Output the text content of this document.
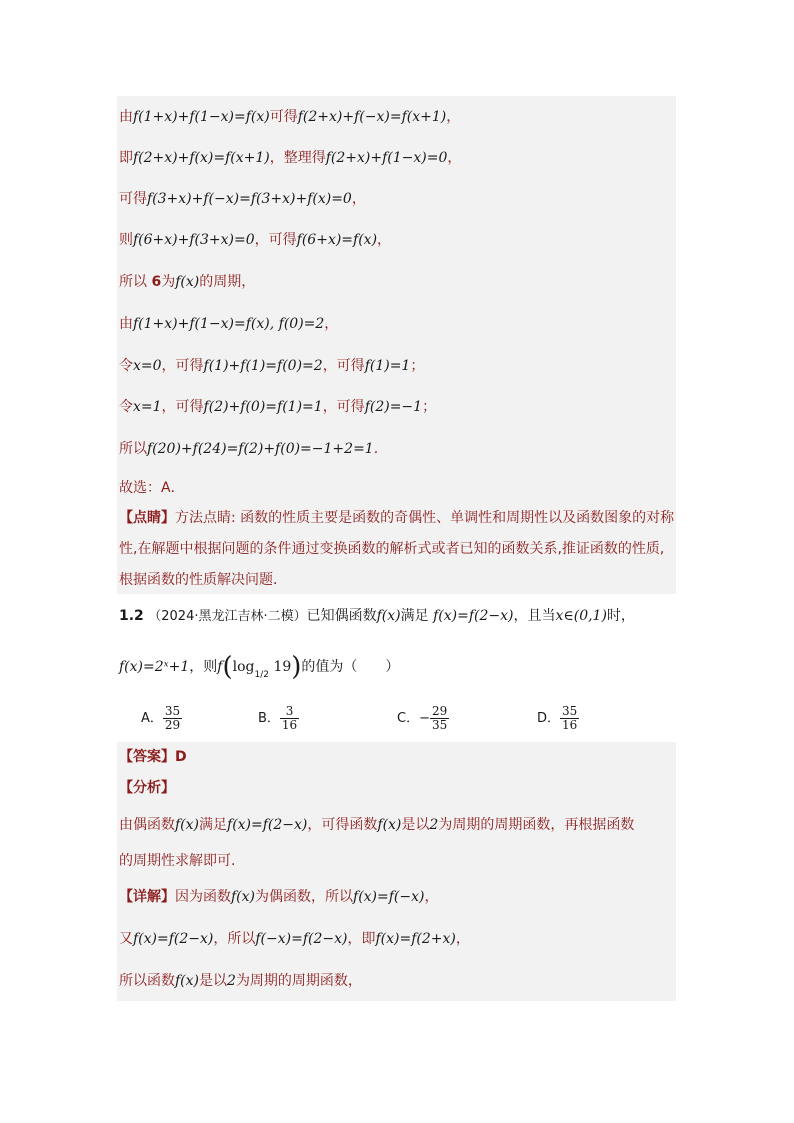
由f(1+x)+f(1−x)=f(x)可得f(2+x)+f(−x)=f(x+1)，
即f(2+x)+f(x)=f(x+1)，整理得f(2+x)+f(1−x)=0，
可得f(3+x)+f(−x)=f(3+x)+f(x)=0，
则f(6+x)+f(3+x)=0，可得f(6+x)=f(x)，
所以 6为f(x)的周期，
由f(1+x)+f(1−x)=f(x), f(0)=2，
令x=0，可得f(1)+f(1)=f(0)=2，可得f(1)=1；
令x=1，可得f(2)+f(0)=f(1)=1，可得f(2)=−1；
所以f(20)+f(24)=f(2)+f(0)=−1+2=1.
故选：A．
【点睛】方法点睛: 函数的性质主要是函数的奇偶性、单调性和周期性以及函数图象的对称
性,在解题中根据问题的条件通过变换函数的解析式或者已知的函数关系,推证函数的性质,
根据函数的性质解决问题．
1.2 （2024·黑龙江吉林·二模）已知偶函数f(x)满足 f(x)=f(2−x)，且当x∈(0,1)时，
f(x)=2ˣ+1，则$f(\log_{1/2}$ 19)的值为（　　）
A． $\frac{35}{29}$	B． $\frac{3}{16}$	C．− $\frac{29}{35}$	D． $\frac{35}{16}$
【答案】D
【分析】
由偶函数f(x)满足f(x)=f(2−x)，可得函数f(x)是以2为周期的周期函数，再根据函数
的周期性求解即可.
【详解】因为函数f(x)为偶函数，所以f(x)=f(−x)，
又f(x)=f(2−x)，所以f(−x)=f(2−x)，即f(x)=f(2+x)，
所以函数f(x)是以2为周期的周期函数，
